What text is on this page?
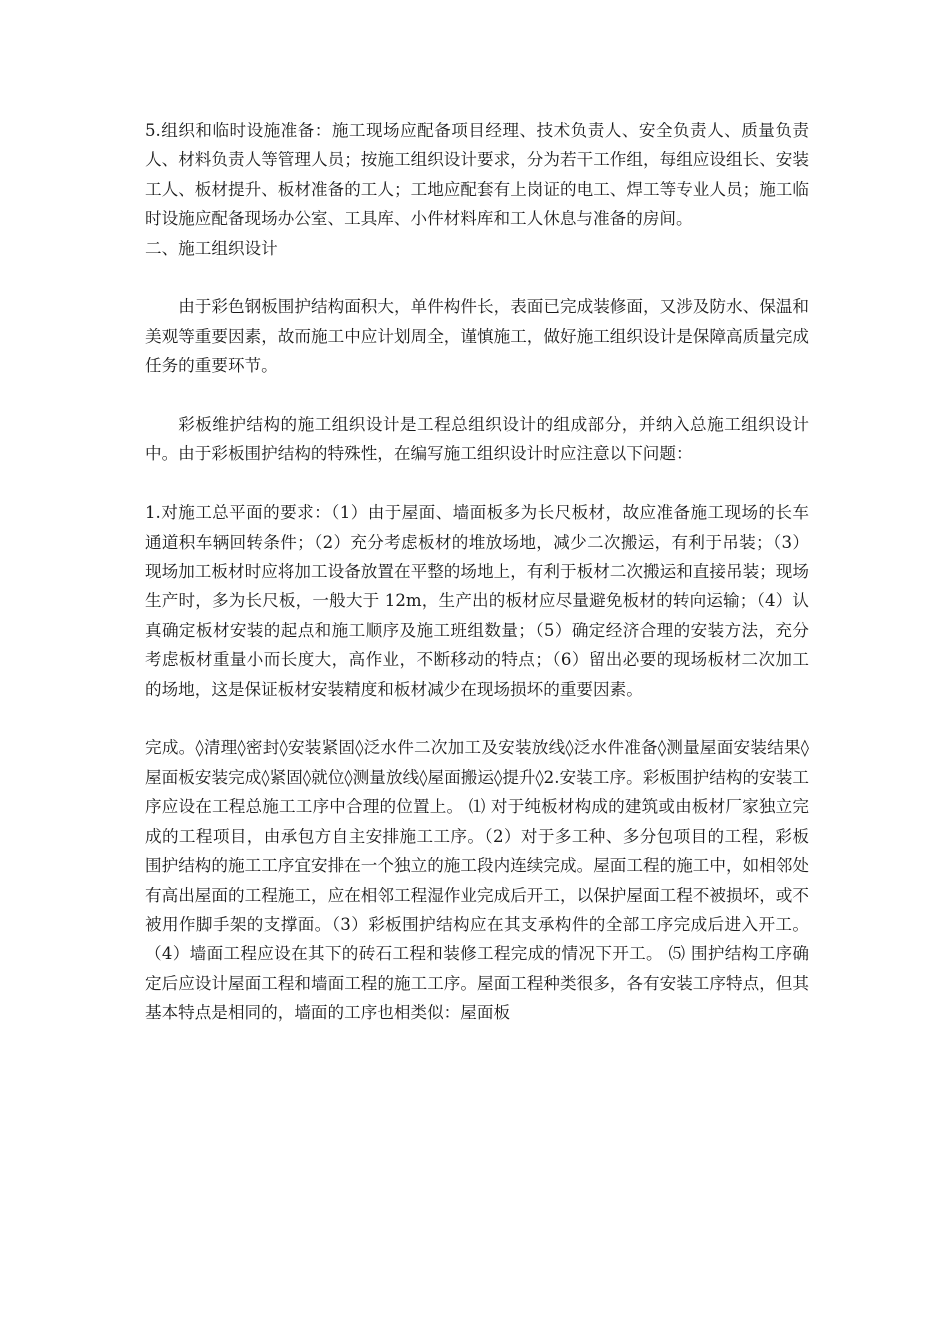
5.组织和临时设施准备：施工现场应配备项目经理、技术负责人、安全负责人、质量负责人、材料负责人等管理人员；按施工组织设计要求，分为若干工作组，每组应设组长、安装工人、板材提升、板材准备的工人；工地应配套有上岗证的电工、焊工等专业人员；施工临时设施应配备现场办公室、工具库、小件材料库和工人休息与准备的房间。

二、施工组织设计

由于彩色钢板围护结构面积大，单件构件长，表面已完成装修面，又涉及防水、保温和美观等重要因素，故而施工中应计划周全，谨慎施工，做好施工组织设计是保障高质量完成任务的重要环节。

彩板维护结构的施工组织设计是工程总组织设计的组成部分，并纳入总施工组织设计中。由于彩板围护结构的特殊性，在编写施工组织设计时应注意以下问题：

1.对施工总平面的要求：（1）由于屋面、墙面板多为长尺板材，故应准备施工现场的长车通道积车辆回转条件；（2）充分考虑板材的堆放场地，减少二次搬运，有利于吊装；（3）现场加工板材时应将加工设备放置在平整的场地上，有利于板材二次搬运和直接吊装；现场生产时，多为长尺板，一般大于 12m，生产出的板材应尽量避免板材的转向运输；（4）认真确定板材安装的起点和施工顺序及施工班组数量；（5）确定经济合理的安装方法，充分考虑板材重量小而长度大，高作业，不断移动的特点；（6）留出必要的现场板材二次加工的场地，这是保证板材安装精度和板材减少在现场损坏的重要因素。

完成。◊清理◊密封◊安装紧固◊泛水件二次加工及安装放线◊泛水件准备◊测量屋面安装结果◊屋面板安装完成◊紧固◊就位◊测量放线◊屋面搬运◊提升◊2.安装工序。彩板围护结构的安装工序应设在工程总施工工序中合理的位置上。 ⑴ 对于纯板材构成的建筑或由板材厂家独立完成的工程项目，由承包方自主安排施工工序。（2）对于多工种、多分包项目的工程，彩板围护结构的施工工序宜安排在一个独立的施工段内连续完成。屋面工程的施工中，如相邻处有高出屋面的工程施工，应在相邻工程湿作业完成后开工，以保护屋面工程不被损坏，或不被用作脚手架的支撑面。（3）彩板围护结构应在其支承构件的全部工序完成后进入开工。（4）墙面工程应设在其下的砖石工程和装修工程完成的情况下开工。 ⑸ 围护结构工序确定后应设计屋面工程和墙面工程的施工工序。屋面工程种类很多，各有安装工序特点，但其基本特点是相同的，墙面的工序也相类似：屋面板
